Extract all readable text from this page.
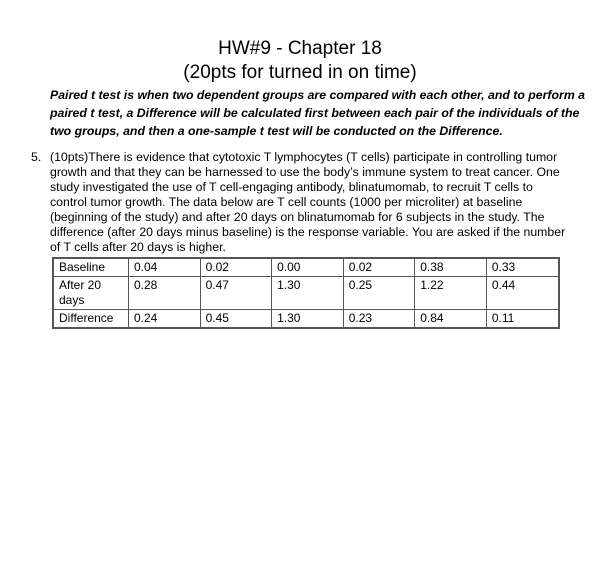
HW#9 - Chapter 18
(20pts for turned in on time)
Paired t test is when two dependent groups are compared with each other, and to perform a
paired t test, a Difference will be calculated first between each pair of the individuals of the
two groups, and then a one-sample t test will be conducted on the Difference.
5. (10pts)There is evidence that cytotoxic T lymphocytes (T cells) participate in controlling tumor
growth and that they can be harnessed to use the body’s immune system to treat cancer. One
study investigated the use of T cell-engaging antibody, blinatumomab, to recruit T cells to
control tumor growth. The data below are T cell counts (1000 per microliter) at baseline
(beginning of the study) and after 20 days on blinatumomab for 6 subjects in the study. The
difference (after 20 days minus baseline) is the response variable. You are asked if the number
of T cells after 20 days is higher.
Baseline	0.04	0.02	0.00	0.02	0.38	0.33
After 20 days	0.28	0.47	1.30	0.25	1.22	0.44
Difference	0.24	0.45	1.30	0.23	0.84	0.11
